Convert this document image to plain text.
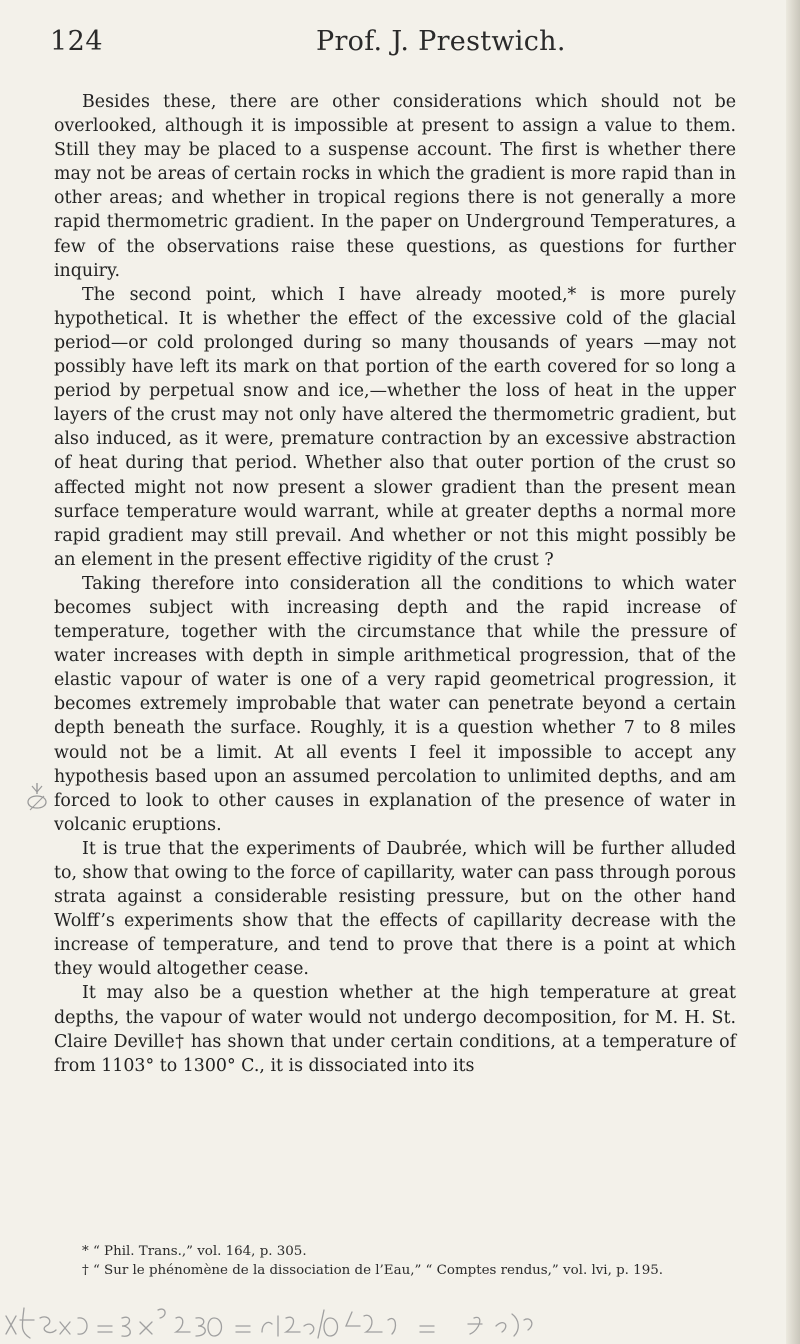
124	Prof. J. Prestwich.

Besides these, there are other considerations which should not be overlooked, although it is impossible at present to assign a value to them. Still they may be placed to a suspense account. The first is whether there may not be areas of certain rocks in which the gradient is more rapid than in other areas; and whether in tropical regions there is not generally a more rapid thermometric gradient. In the paper on Underground Temperatures, a few of the observations raise these questions, as questions for further inquiry.

The second point, which I have already mooted,* is more purely hypothetical. It is whether the effect of the excessive cold of the glacial period—or cold prolonged during so many thousands of years —may not possibly have left its mark on that portion of the earth covered for so long a period by perpetual snow and ice,—whether the loss of heat in the upper layers of the crust may not only have altered the thermometric gradient, but also induced, as it were, premature contraction by an excessive abstraction of heat during that period. Whether also that outer portion of the crust so affected might not now present a slower gradient than the present mean surface temperature would warrant, while at greater depths a normal more rapid gradient may still prevail. And whether or not this might possibly be an element in the present effective rigidity of the crust ?

Taking therefore into consideration all the conditions to which water becomes subject with increasing depth and the rapid increase of temperature, together with the circumstance that while the pressure of water increases with depth in simple arithmetical progression, that of the elastic vapour of water is one of a very rapid geometrical progression, it becomes extremely improbable that water can penetrate beyond a certain depth beneath the surface. Roughly, it is a question whether 7 to 8 miles would not be a limit. At all events I feel it impossible to accept any hypothesis based upon an assumed percolation to unlimited depths, and am forced to look to other causes in explanation of the presence of water in volcanic eruptions.

It is true that the experiments of Daubrée, which will be further alluded to, show that owing to the force of capillarity, water can pass through porous strata against a considerable resisting pressure, but on the other hand Wolff’s experiments show that the effects of capillarity decrease with the increase of temperature, and tend to prove that there is a point at which they would altogether cease.

It may also be a question whether at the high temperature at great depths, the vapour of water would not undergo decomposition, for M. H. St. Claire Deville† has shown that under certain conditions, at a temperature of from 1103° to 1300° C., it is dissociated into its

* “ Phil. Trans.,” vol. 164, p. 305.

† “ Sur le phénomène de la dissociation de l’Eau,” “ Comptes rendus,” vol. lvi, p. 195.
